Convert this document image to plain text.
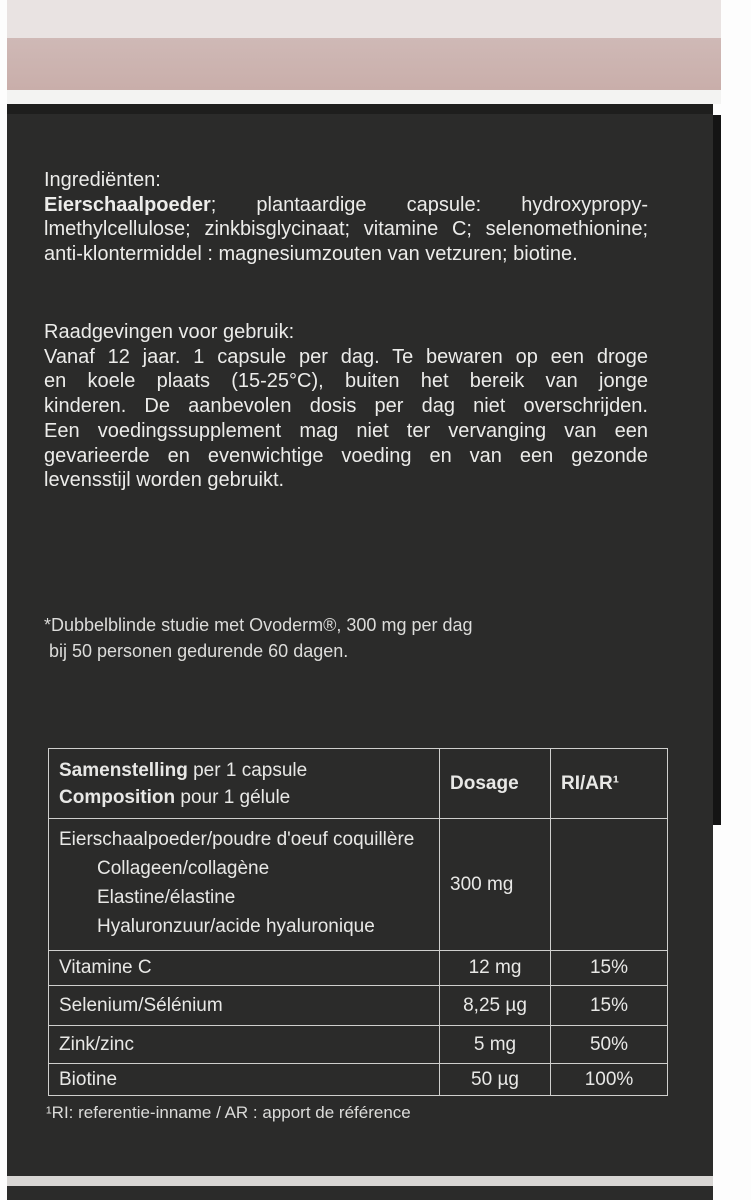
Ingrediënten:

Eierschaalpoeder; plantaardige capsule: hydroxypropy-

lmethylcellulose; zinkbisglycinaat; vitamine C; selenomethionine;

anti-klontermiddel : magnesiumzouten van vetzuren; biotine.

Raadgevingen voor gebruik:

Vanaf 12 jaar. 1 capsule per dag. Te bewaren op een droge

en koele plaats (15-25°C), buiten het bereik van jonge

kinderen. De aanbevolen dosis per dag niet overschrijden.

Een voedingssupplement mag niet ter vervanging van een

gevarieerde en evenwichtige voeding en van een gezonde

levensstijl worden gebruikt.

*Dubbelblinde studie met Ovoderm®, 300 mg per dag
bij 50 personen gedurende 60 dagen.
Samenstelling per 1 capsule
Composition pour 1 gélule	Dosage	RI/AR¹
Eierschaalpoeder/poudre d'oeuf coquillère
Collageen/collagène
Elastine/élastine
Hyaluronzuur/acide hyaluronique	300 mg	
Vitamine C	12 mg	15%
Selenium/Sélénium	8,25 µg	15%
Zink/zinc	5 mg	50%
Biotine	50 µg	100%
¹RI: referentie-inname / AR : apport de référence
